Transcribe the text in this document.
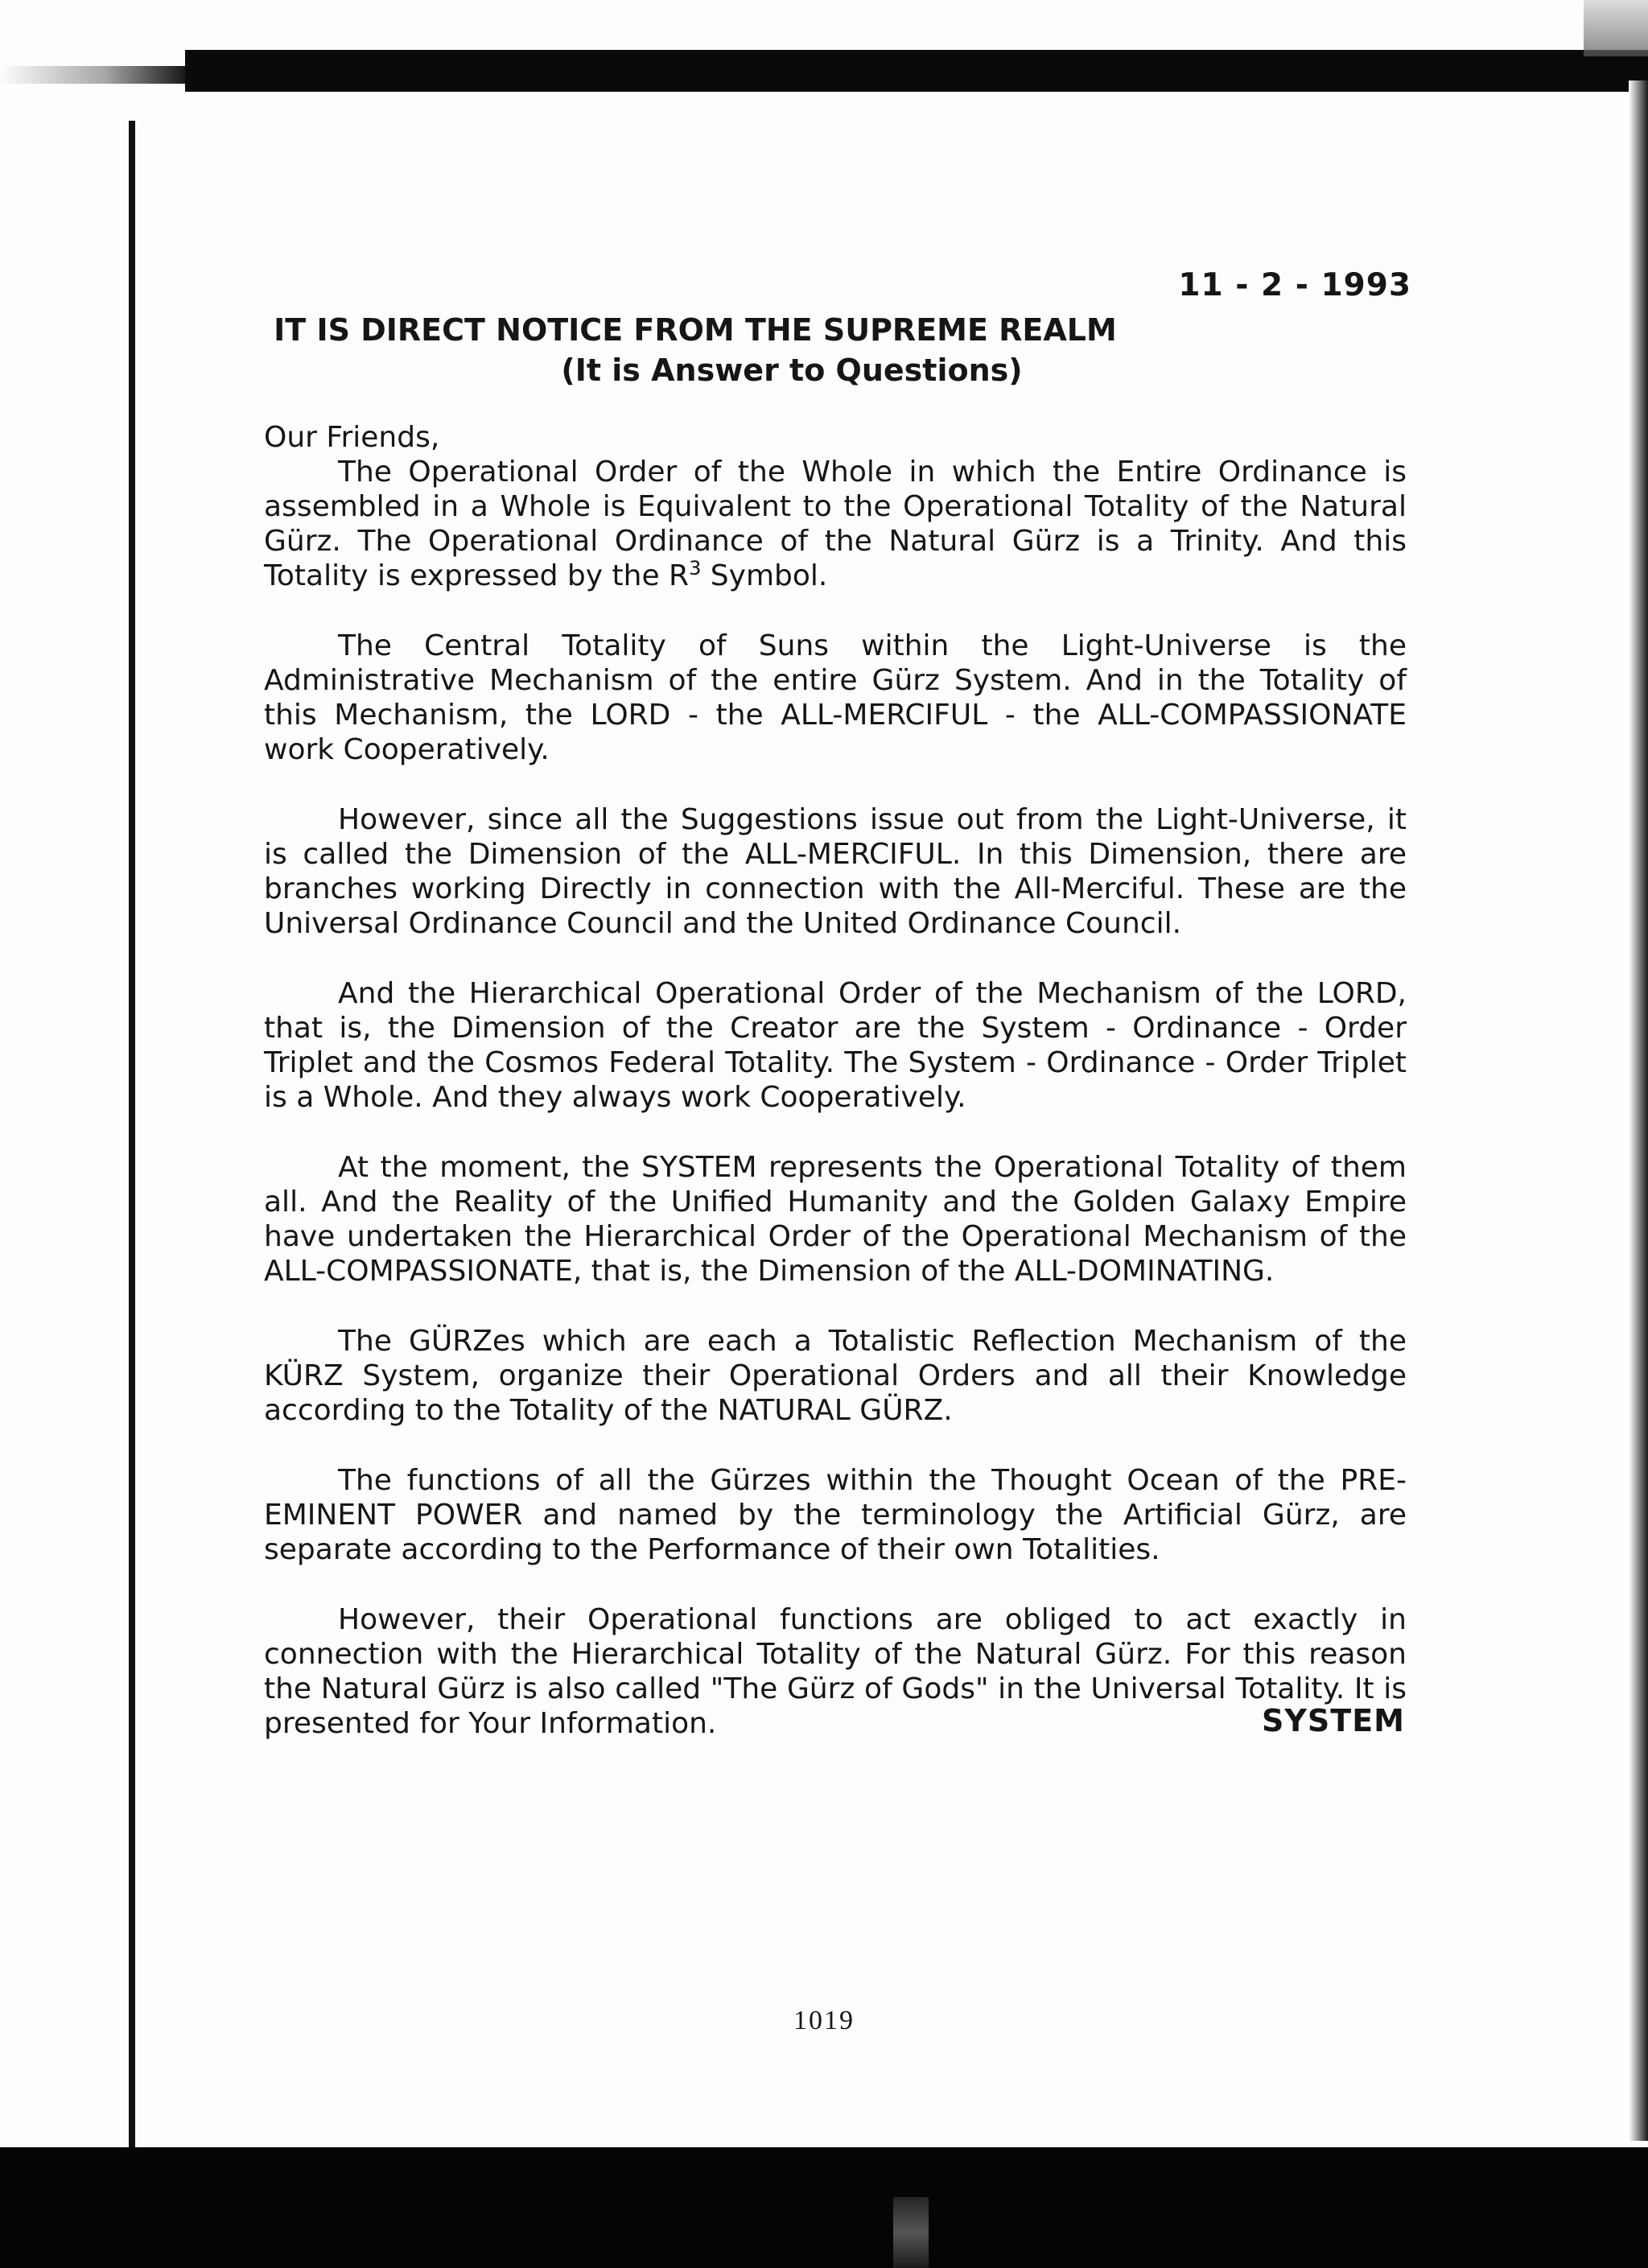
11 - 2 - 1993
IT IS DIRECT NOTICE FROM THE SUPREME REALM
(It is Answer to Questions)

Our Friends,

The Operational Order of the Whole in which the Entire Ordinance is assembled in a Whole is Equivalent to the Operational Totality of the Natural Gürz. The Operational Ordinance of the Natural Gürz is a Trinity. And this Totality is expressed by the $R^3$ Symbol.

The Central Totality of Suns within the Light-Universe is the Administrative Mechanism of the entire Gürz System. And in the Totality of this Mechanism, the LORD - the ALL-MERCIFUL - the ALL-COMPASSIONATE work Cooperatively.

However, since all the Suggestions issue out from the Light-Universe, it is called the Dimension of the ALL-MERCIFUL. In this Dimension, there are branches working Directly in connection with the All-Merciful. These are the Universal Ordinance Council and the United Ordinance Council.

And the Hierarchical Operational Order of the Mechanism of the LORD, that is, the Dimension of the Creator are the System - Ordinance - Order Triplet and the Cosmos Federal Totality. The System - Ordinance - Order Triplet is a Whole. And they always work Cooperatively.

At the moment, the SYSTEM represents the Operational Totality of them all. And the Reality of the Unified Humanity and the Golden Galaxy Empire have undertaken the Hierarchical Order of the Operational Mechanism of the ALL-COMPASSIONATE, that is, the Dimension of the ALL-DOMINATING.

The GÜRZes which are each a Totalistic Reflection Mechanism of the KÜRZ System, organize their Operational Orders and all their Knowledge according to the Totality of the NATURAL GÜRZ.

The functions of all the Gürzes within the Thought Ocean of the PRE-EMINENT POWER and named by the terminology the Artificial Gürz, are separate according to the Performance of their own Totalities.

However, their Operational functions are obliged to act exactly in connection with the Hierarchical Totality of the Natural Gürz. For this reason the Natural Gürz is also called "The Gürz of Gods" in the Universal Totality. It is presented for Your Information.	SYSTEM
1019
